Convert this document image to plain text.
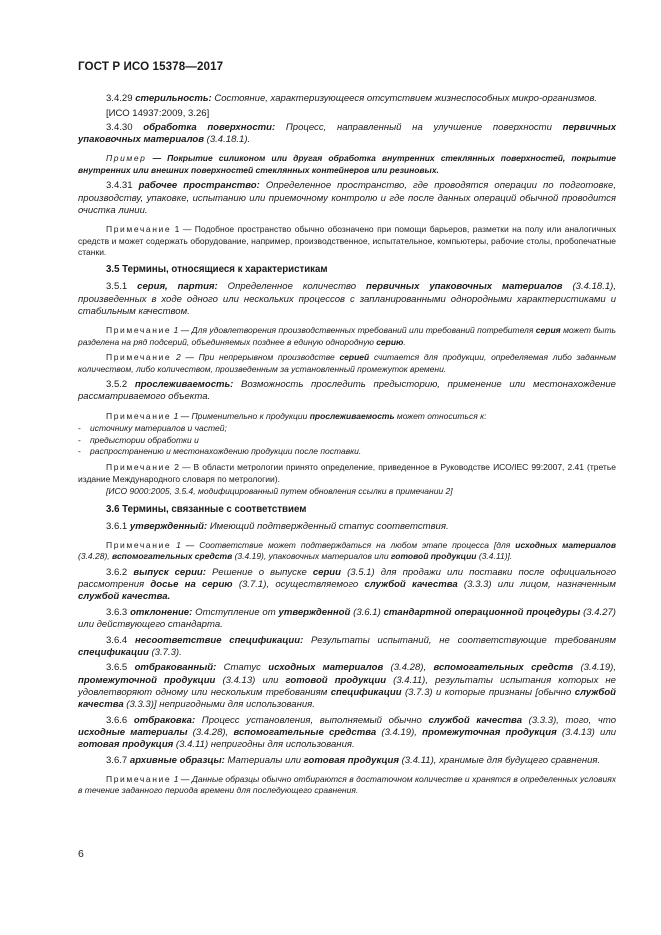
ГОСТ Р ИСО 15378—2017

3.4.29 стерильность: Состояние, характеризующееся отсутствием жизнеспособных микро-организмов.

[ИСО 14937:2009, 3.26]

3.4.30 обработка поверхности: Процесс, направленный на улучшение поверхности первичных упаковочных материалов (3.4.18.1).

Пример — Покрытие силиконом или другая обработка внутренних стеклянных поверхностей, покрытие внутренних или внешних поверхностей стеклянных контейнеров или резиновых.

3.4.31 рабочее пространство: Определенное пространство, где проводятся операции по подготовке, производству, упаковке, испытанию или приемочному контролю и где после данных операций обычной проводится очистка линии.

Примечание 1 — Подобное пространство обычно обозначено при помощи барьеров, разметки на полу или аналогичных средств и может содержать оборудование, например, производственное, испытательное, компьютеры, рабочие столы, пробопечатные станки.

3.5 Термины, относящиеся к характеристикам

3.5.1 серия, партия: Определенное количество первичных упаковочных материалов (3.4.18.1), произведенных в ходе одного или нескольких процессов с запланированными однородными характеристиками и стабильным качеством.

Примечание 1 — Для удовлетворения производственных требований или требований потребителя серия может быть разделена на ряд подсерий, объединяемых позднее в единую однородную серию.

Примечание 2 — При непрерывном производстве серией считается для продукции, определяемая либо заданным количеством, либо количеством, произведенным за установленный промежуток времени.

3.5.2 прослеживаемость: Возможность проследить предысторию, применение или местонахождение рассматриваемого объекта.

Примечание 1 — Применительно к продукции прослеживаемость может относиться к:

- источнику материалов и частей;
- предыстории обработки и
- распространению и местонахождению продукции после поставки.

Примечание 2 — В области метрологии принято определение, приведенное в Руководстве ИСО/IEC 99:2007, 2.41 (третье издание Международного словаря по метрологии).

[ИСО 9000:2005, 3.5.4, модифицированный путем обновления ссылки в примечании 2]
3.6 Термины, связанные с соответствием

3.6.1 утвержденный: Имеющий подтвержденный статус соответствия.

Примечание 1 — Соответствие может подтверждаться на любом этапе процесса [для исходных материалов (3.4.28), вспомогательных средств (3.4.19), упаковочных материалов или готовой продукции (3.4.11)].

3.6.2 выпуск серии: Решение о выпуске серии (3.5.1) для продажи или поставки после официального рассмотрения досье на серию (3.7.1), осуществляемого службой качества (3.3.3) или лицом, назначенным службой качества.

3.6.3 отклонение: Отступление от утвержденной (3.6.1) стандартной операционной процедуры (3.4.27) или действующего стандарта.

3.6.4 несоответствие спецификации: Результаты испытаний, не соответствующие требованиям спецификации (3.7.3).

3.6.5 отбракованный: Статус исходных материалов (3.4.28), вспомогательных средств (3.4.19), промежуточной продукции (3.4.13) или готовой продукции (3.4.11), результаты испытания которых не удовлетворяют одному или нескольким требованиям спецификации (3.7.3) и которые признаны [обычно службой качества (3.3.3)] непригодными для использования.

3.6.6 отбраковка: Процесс установления, выполняемый обычно службой качества (3.3.3), того, что исходные материалы (3.4.28), вспомогательные средства (3.4.19), промежуточная продукция (3.4.13) или готовая продукция (3.4.11) непригодны для использования.

3.6.7 архивные образцы: Материалы или готовая продукция (3.4.11), хранимые для будущего сравнения.

Примечание 1 — Данные образцы обычно отбираются в достаточном количестве и хранятся в определенных условиях в течение заданного периода времени для последующего сравнения.

6
